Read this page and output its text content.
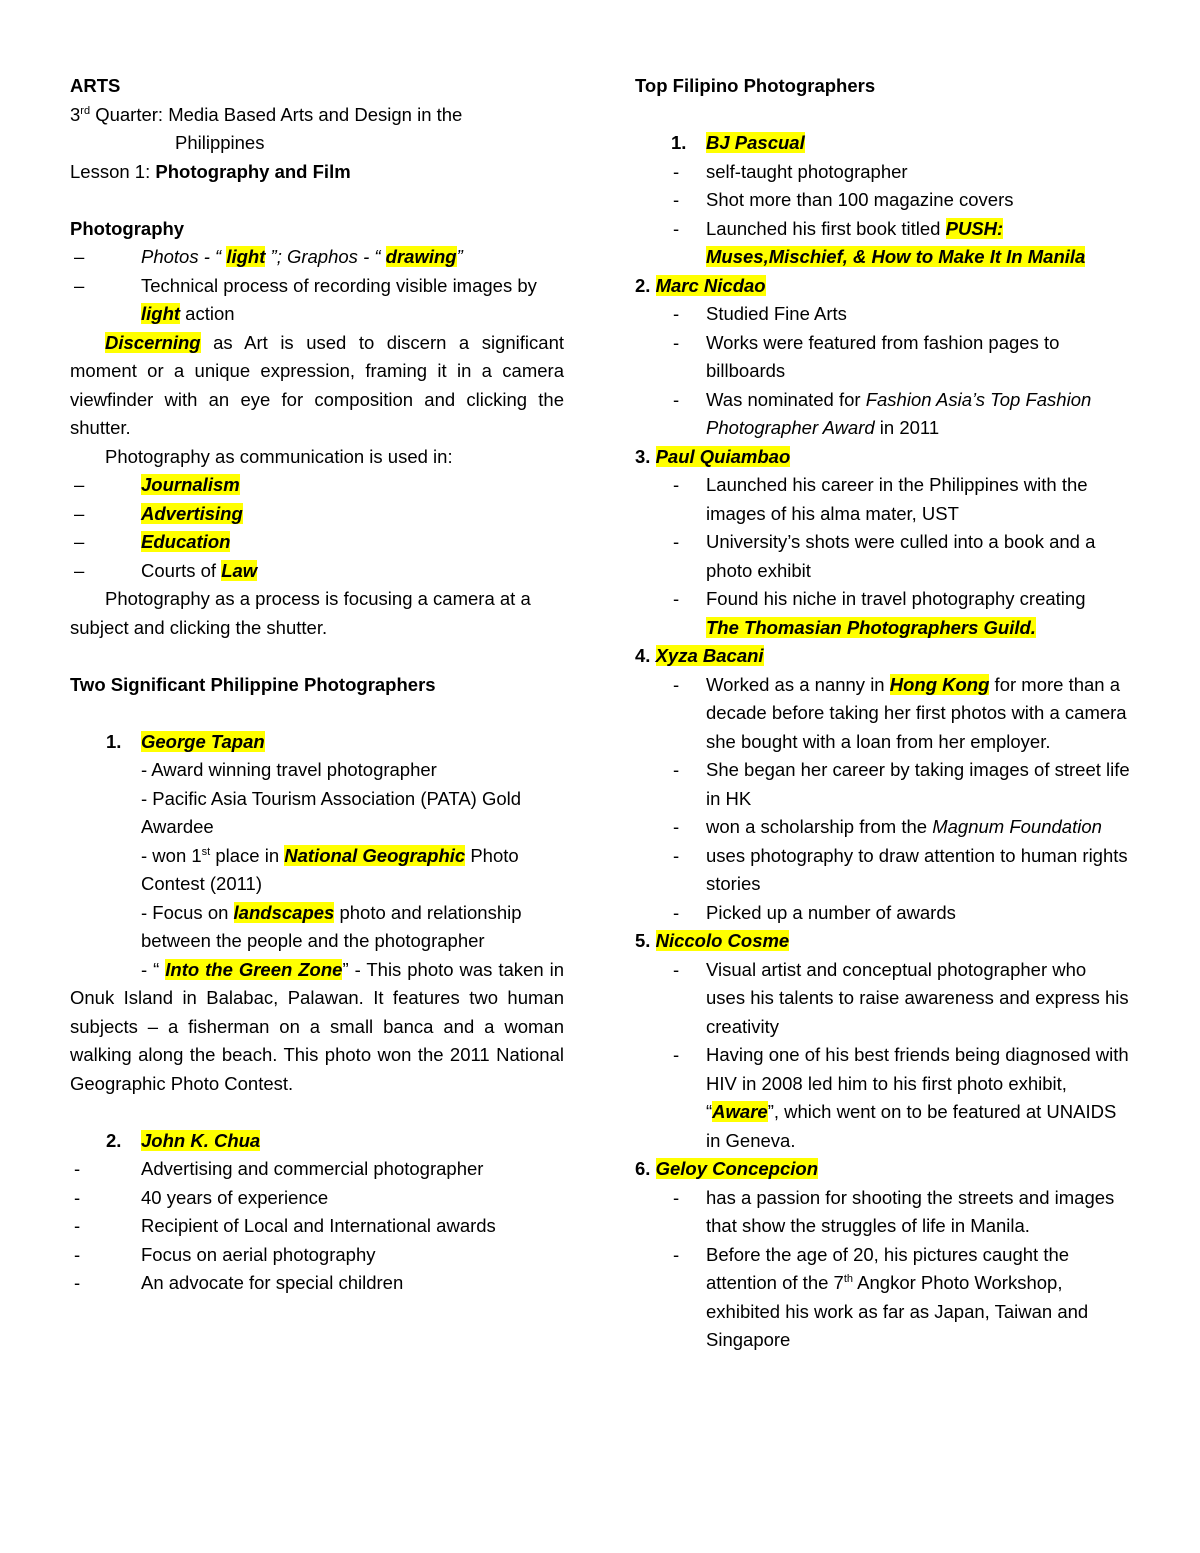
ARTS

3rd Quarter: Media Based Arts and Design in the

Philippines

Lesson 1: Photography and Film

Photography

–	Photos - “ light ”; Graphos - “ drawing”
–	Technical process of recording visible images by
light action

Discerning as Art is used to discern a significant moment or a unique expression, framing it in a camera viewfinder with an eye for composition and clicking the shutter.

Photography as communication is used in:

–	Journalism
–	Advertising
–	Education
–	Courts of Law

Photography as a process is focusing a camera at a subject and clicking the shutter.

Two Significant Philippine Photographers

1.	George Tapan

- Award winning travel photographer

- Pacific Asia Tourism Association (PATA) Gold Awardee

- won 1st place in National Geographic Photo Contest (2011)

- Focus on landscapes photo and relationship between the people and the photographer

- “ Into the Green Zone” - This photo was taken in Onuk Island in Balabac, Palawan. It features two human subjects – a fisherman on a small banca and a woman walking along the beach. This photo won the 2011 National Geographic Photo Contest.

2.	John K. Chua
-	Advertising and commercial photographer
-	40 years of experience
-	Recipient of Local and International awards
-	Focus on aerial photography
-	An advocate for special children

Top Filipino Photographers

1.	BJ Pascual
-	self-taught photographer
-	Shot more than 100 magazine covers
-	Launched his first book titled PUSH:
Muses,Mischief, & How to Make It In Manila
2. Marc Nicdao
-	Studied Fine Arts
-	Works were featured from fashion pages to billboards
-	Was nominated for Fashion Asia’s Top Fashion Photographer Award in 2011
3. Paul Quiambao
-	Launched his career in the Philippines with the images of his alma mater, UST
-	University’s shots were culled into a book and a photo exhibit
-	Found his niche in travel photography creating
The Thomasian Photographers Guild.
4. Xyza Bacani
-	Worked as a nanny in Hong Kong for more than a decade before taking her first photos with a camera she bought with a loan from her employer.
-	She began her career by taking images of street life in HK
-	won a scholarship from the Magnum Foundation
-	uses photography to draw attention to human rights stories
-	Picked up a number of awards
5. Niccolo Cosme
-	Visual artist and conceptual photographer who uses his talents to raise awareness and express his creativity
-	Having one of his best friends being diagnosed with HIV in 2008 led him to his first photo exhibit, “Aware”, which went on to be featured at UNAIDS in Geneva.
6. Geloy Concepcion
-	has a passion for shooting the streets and images that show the struggles of life in Manila.
-	Before the age of 20, his pictures caught the attention of the 7th Angkor Photo Workshop, exhibited his work as far as Japan, Taiwan and Singapore
